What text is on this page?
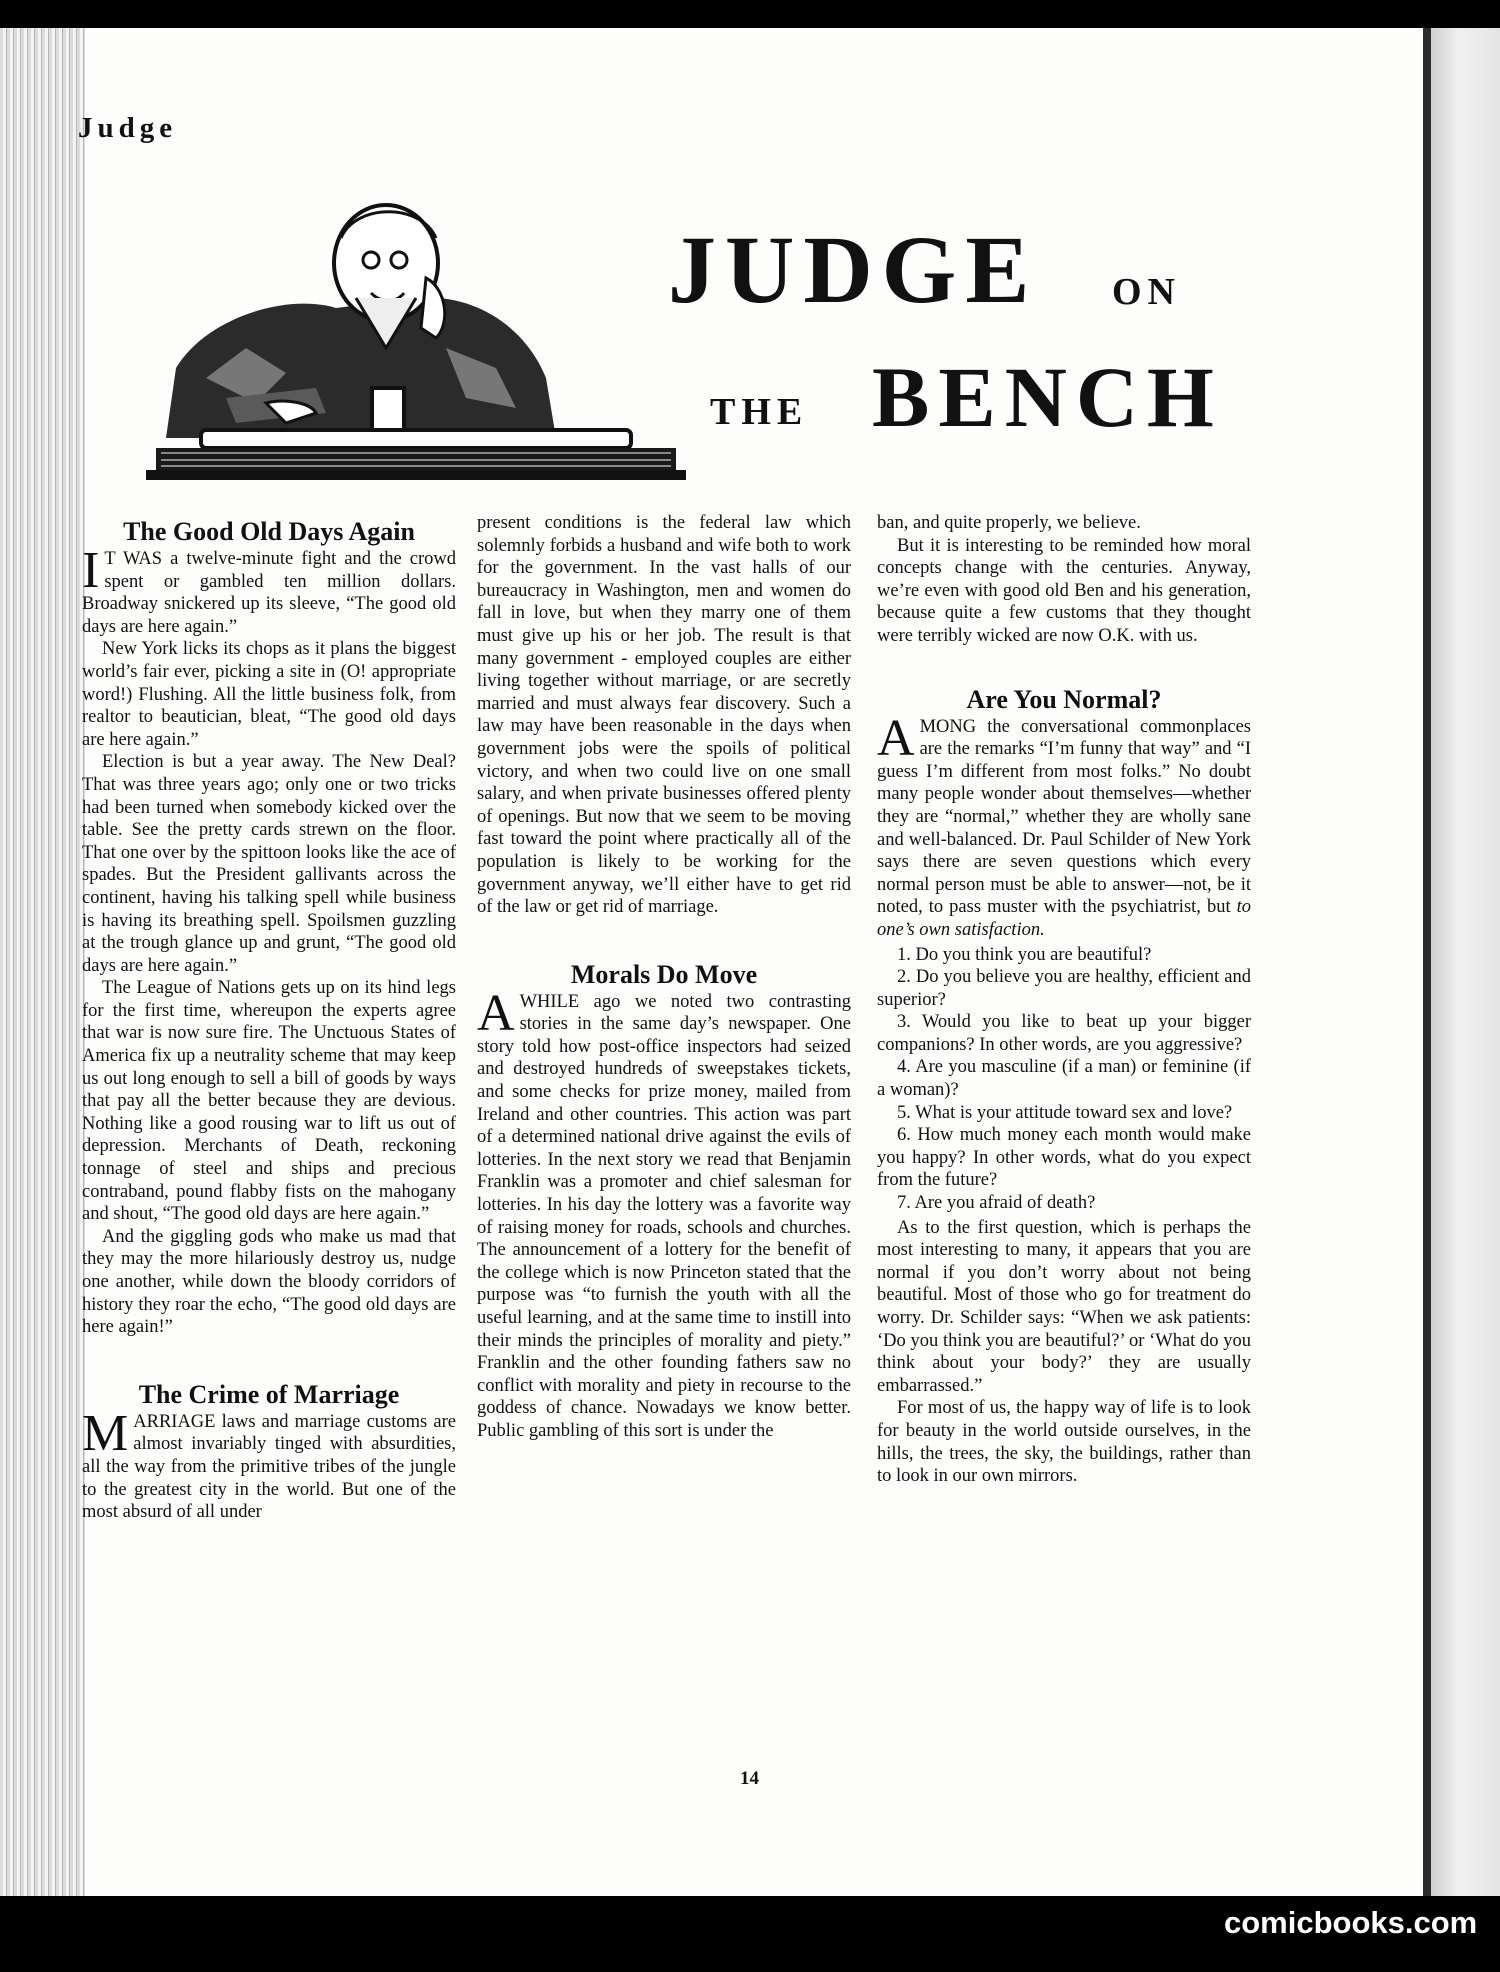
Judge
JUDGE ON
THE BENCH
The Good Old Days Again

I T WAS a twelve-minute fight and the crowd spent or gambled ten million dollars. Broadway snickered up its sleeve, “The good old days are here again.”

New York licks its chops as it plans the biggest world’s fair ever, picking a site in (O! appropriate word!) Flushing. All the little business folk, from realtor to beautician, bleat, “The good old days are here again.”

Election is but a year away. The New Deal? That was three years ago; only one or two tricks had been turned when somebody kicked over the table. See the pretty cards strewn on the floor. That one over by the spittoon looks like the ace of spades. But the President gallivants across the continent, having his talking spell while business is having its breathing spell. Spoilsmen guzzling at the trough glance up and grunt, “The good old days are here again.”

The League of Nations gets up on its hind legs for the first time, whereupon the experts agree that war is now sure fire. The Unctuous States of America fix up a neutrality scheme that may keep us out long enough to sell a bill of goods by ways that pay all the better because they are devious. Nothing like a good rousing war to lift us out of depression. Merchants of Death, reckoning tonnage of steel and ships and precious contraband, pound flabby fists on the mahogany and shout, “The good old days are here again.”

And the giggling gods who make us mad that they may the more hilariously destroy us, nudge one another, while down the bloody corridors of history they roar the echo, “The good old days are here again!”

The Crime of Marriage

MARRIAGE laws and marriage customs are almost invariably tinged with absurdities, all the way from the primitive tribes of the jungle to the greatest city in the world. But one of the most absurd of all under

present conditions is the federal law which solemnly forbids a husband and wife both to work for the government. In the vast halls of our bureaucracy in Washington, men and women do fall in love, but when they marry one of them must give up his or her job. The result is that many government - employed couples are either living together without marriage, or are secretly married and must always fear discovery. Such a law may have been reasonable in the days when government jobs were the spoils of political victory, and when two could live on one small salary, and when private businesses offered plenty of openings. But now that we seem to be moving fast toward the point where practically all of the population is likely to be working for the government anyway, we’ll either have to get rid of the law or get rid of marriage.

Morals Do Move

AWHILE ago we noted two contrasting stories in the same day’s newspaper. One story told how post-office inspectors had seized and destroyed hundreds of sweepstakes tickets, and some checks for prize money, mailed from Ireland and other countries. This action was part of a determined national drive against the evils of lotteries. In the next story we read that Benjamin Franklin was a promoter and chief salesman for lotteries. In his day the lottery was a favorite way of raising money for roads, schools and churches. The announcement of a lottery for the benefit of the college which is now Princeton stated that the purpose was “to furnish the youth with all the useful learning, and at the same time to instill into their minds the principles of morality and piety.” Franklin and the other founding fathers saw no conflict with morality and piety in recourse to the goddess of chance. Nowadays we know better. Public gambling of this sort is under the

ban, and quite properly, we believe.

But it is interesting to be reminded how moral concepts change with the centuries. Anyway, we’re even with good old Ben and his generation, because quite a few customs that they thought were terribly wicked are now O.K. with us.

Are You Normal?

AMONG the conversational commonplaces are the remarks “I’m funny that way” and “I guess I’m different from most folks.” No doubt many people wonder about themselves—whether they are “normal,” whether they are wholly sane and well-balanced. Dr. Paul Schilder of New York says there are seven questions which every normal person must be able to answer—not, be it noted, to pass muster with the psychiatrist, but to one’s own satisfaction.

1. Do you think you are beautiful?
2. Do you believe you are healthy, efficient and superior?
3. Would you like to beat up your bigger companions? In other words, are you aggressive?
4. Are you masculine (if a man) or feminine (if a woman)?
5. What is your attitude toward sex and love?
6. How much money each month would make you happy? In other words, what do you expect from the future?
7. Are you afraid of death?

As to the first question, which is perhaps the most interesting to many, it appears that you are normal if you don’t worry about not being beautiful. Most of those who go for treatment do worry. Dr. Schilder says: “When we ask patients: ‘Do you think you are beautiful?’ or ‘What do you think about your body?’ they are usually embarrassed.”

For most of us, the happy way of life is to look for beauty in the world outside ourselves, in the hills, the trees, the sky, the buildings, rather than to look in our own mirrors.

14
comicbooks.com
